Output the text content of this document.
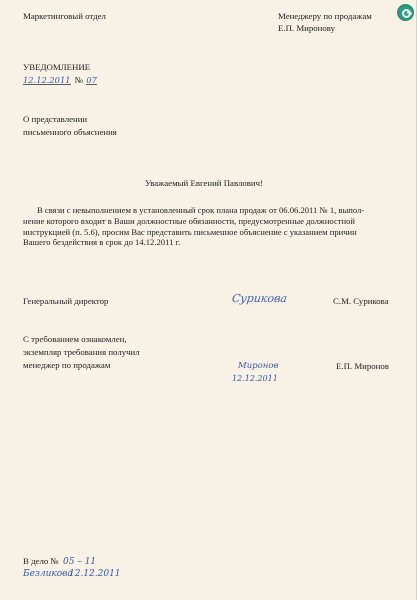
Маркетинговый отдел	Менеджеру по продажам
Е.П. Миронову
УВЕДОМЛЕНИЕ
12.12.2011 № 07
О представлении
письменного объяснения
Уважаемый Евгений Павлович!
В связи с невыполнением в установленный срок плана продаж от 06.06.2011 № 1, выпол-
нение которого входит в Ваши должностные обязанности, предусмотренные должностной
инструкцией (п. 5.6), просим Вас представить письменное объяснение с указанием причин
Вашего бездействия в срок до 14.12.2011 г.
Генеральный директор	Сурикова	С.М. Сурикова
С требованием ознакомлен,
экземпляр требования получил
менеджер по продажам	Миронов
12.12.2011
Е.П. Миронов
В дело № 05 – 11
Безликова
12.12.2011
